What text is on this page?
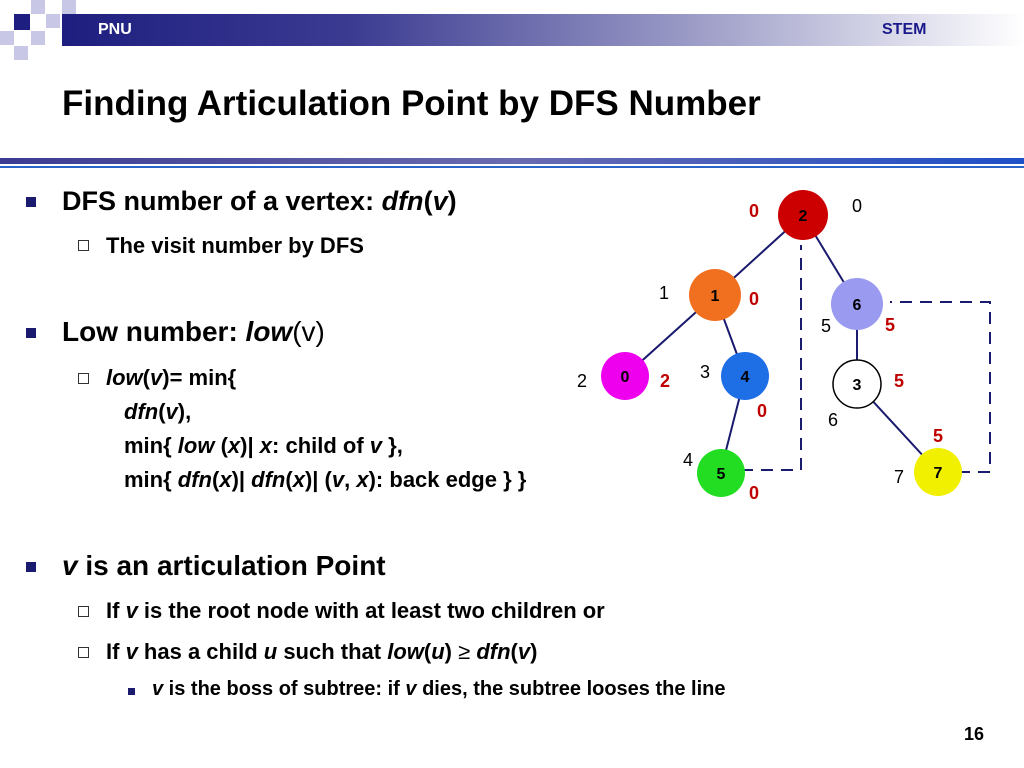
PNU	STEM
Finding Articulation Point by DFS Number
DFS number of a vertex: dfn(v)
The visit number by DFS
Low number: low(v)
low(v)= min{
dfn(v),
min{ low (x)| x: child of v },
min{ dfn(x)| dfn(x)| (v, x): back edge } }
v is an articulation Point
If v is the root node with at least two children or
If v has a child u such that low(u) ≥ dfn(v)
v is the boss of subtree: if v dies, the subtree looses the line
2
1
0	4
5
6
3
7
0
1
2	3
4
5
6
7
0
0
2
0
0
5
5
5
16
